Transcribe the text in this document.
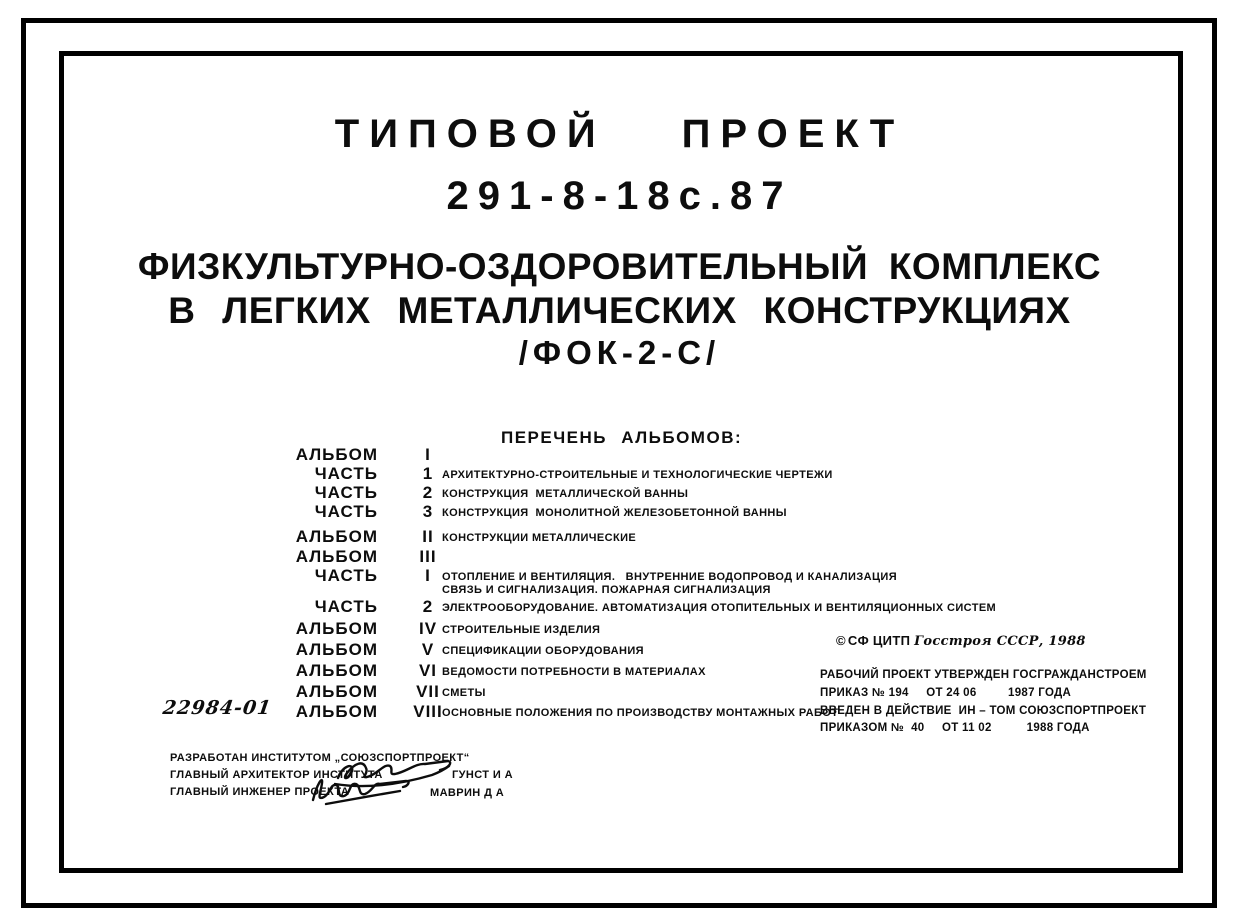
ТИПОВОЙ ПРОЕКТ
291-8-18с.87
ФИЗКУЛЬТУРНО-ОЗДОРОВИТЕЛЬНЫЙ КОМПЛЕКС
В ЛЕГКИХ МЕТАЛЛИЧЕСКИХ КОНСТРУКЦИЯХ
/ФОК-2-С/
ПЕРЕЧЕНЬ АЛЬБОМОВ:
АЛЬБОМ	I
ЧАСТЬ	1 АРХИТЕКТУРНО-СТРОИТЕЛЬНЫЕ И ТЕХНОЛОГИЧЕСКИЕ ЧЕРТЕЖИ
ЧАСТЬ	2 КОНСТРУКЦИЯ  МЕТАЛЛИЧЕСКОЙ ВАННЫ
ЧАСТЬ	3 КОНСТРУКЦИЯ  МОНОЛИТНОЙ ЖЕЛЕЗОБЕТОННОЙ ВАННЫ
АЛЬБОМ	II КОНСТРУКЦИИ МЕТАЛЛИЧЕСКИЕ
АЛЬБОМ	III
ЧАСТЬ	I	ОТОПЛЕНИЕ И ВЕНТИЛЯЦИЯ.   ВНУТРЕННИЕ ВОДОПРОВОД И КАНАЛИЗАЦИЯ
СВЯЗЬ И СИГНАЛИЗАЦИЯ. ПОЖАРНАЯ СИГНАЛИЗАЦИЯ
ЧАСТЬ	2 ЭЛЕКТРООБОРУДОВАНИЕ. АВТОМАТИЗАЦИЯ ОТОПИТЕЛЬНЫХ И ВЕНТИЛЯЦИОННЫХ СИСТЕМ
АЛЬБОМ	IV СТРОИТЕЛЬНЫЕ ИЗДЕЛИЯ
АЛЬБОМ	V СПЕЦИФИКАЦИИ ОБОРУДОВАНИЯ
АЛЬБОМ	VI ВЕДОМОСТИ ПОТРЕБНОСТИ В МАТЕРИАЛАХ
АЛЬБОМ	VII СМЕТЫ
АЛЬБОМ	VIII ОСНОВНЫЕ ПОЛОЖЕНИЯ ПО ПРОИЗВОДСТВУ МОНТАЖНЫХ РАБОТ
© СФ ЦИТП Госстроя СССР, 1988
РАБОЧИЙ ПРОЕКТ УТВЕРЖДЕН ГОСГРАЖДАНСТРОЕМ
ПРИКАЗ № 194     ОТ 24 06         1987 ГОДА
ВВЕДЕН В ДЕЙСТВИЕ  ИН – ТОМ СОЮЗСПОРТПРОЕКТ
ПРИКАЗОМ №  40     ОТ 11 02          1988 ГОДА
22984-01
РАЗРАБОТАН ИНСТИТУТОМ „СОЮЗСПОРТПРОЕКТ“
ГЛАВНЫЙ АРХИТЕКТОР ИНСТИТУТА	ГУНСТ И А
ГЛАВНЫЙ ИНЖЕНЕР ПРОЕКТА	МАВРИН Д А
